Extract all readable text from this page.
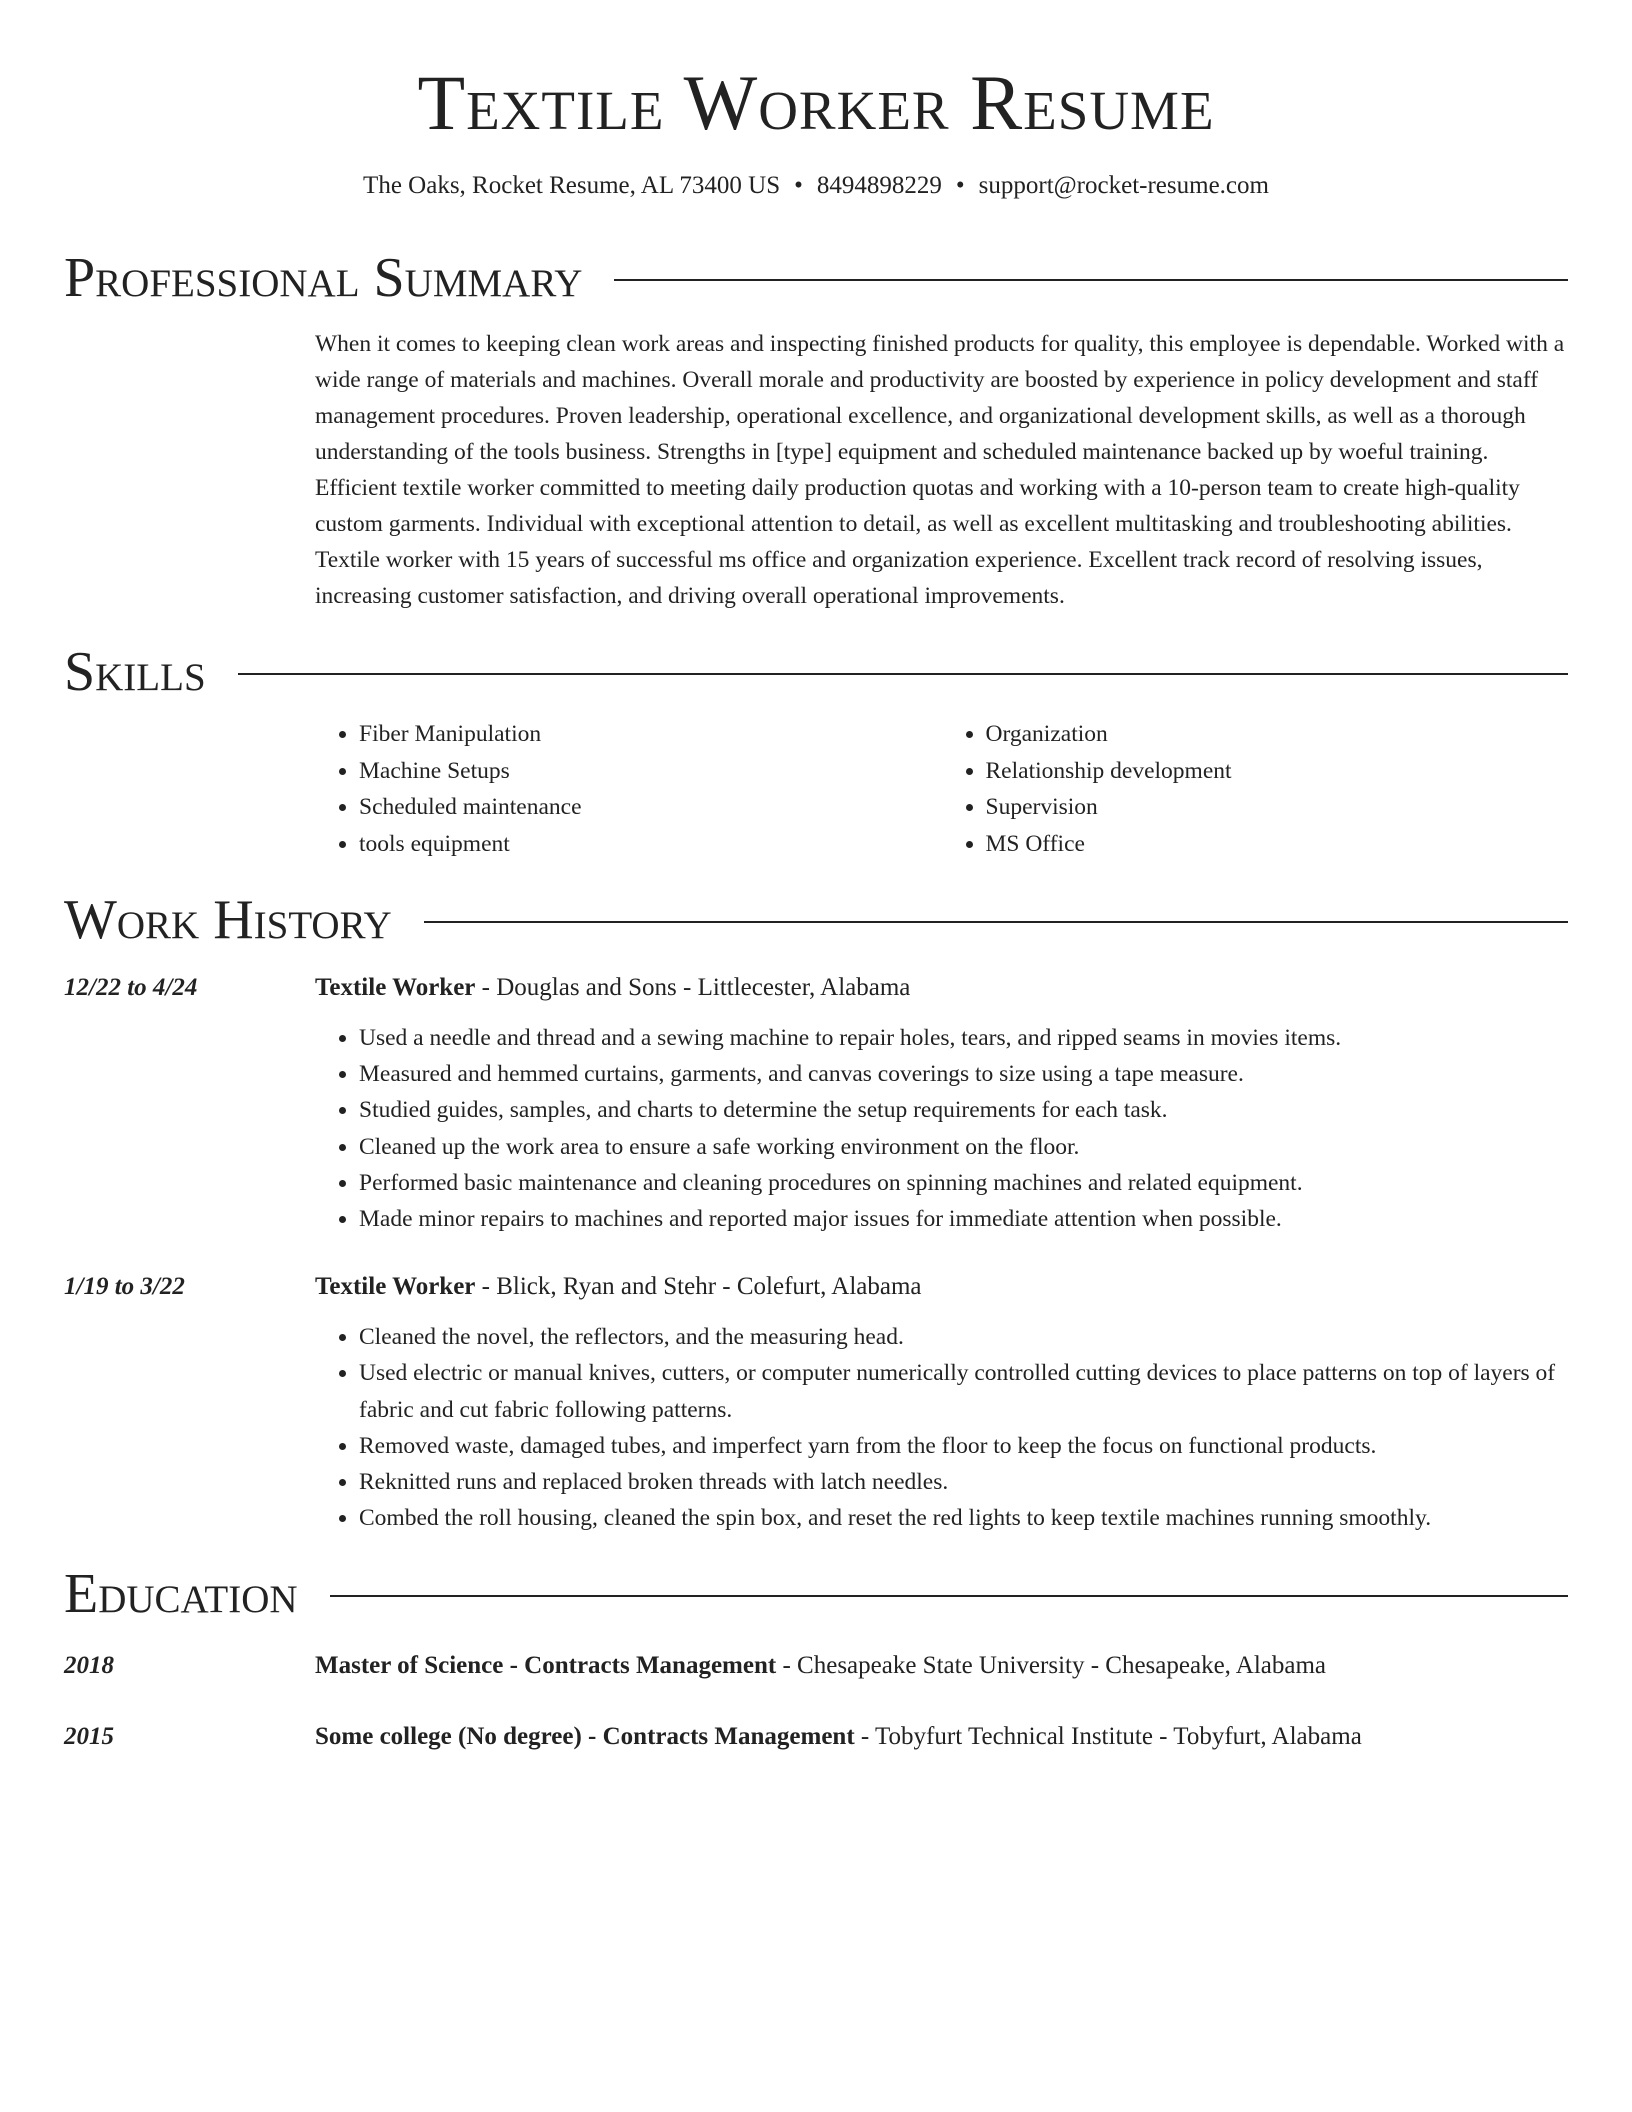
Textile Worker Resume
The Oaks, Rocket Resume, AL 73400 US • 8494898229 • support@rocket-resume.com
Professional Summary

When it comes to keeping clean work areas and inspecting finished products for quality, this employee is dependable. Worked with a wide range of materials and machines. Overall morale and productivity are boosted by experience in policy development and staff management procedures. Proven leadership, operational excellence, and organizational development skills, as well as a thorough understanding of the tools business. Strengths in [type] equipment and scheduled maintenance backed up by woeful training. Efficient textile worker committed to meeting daily production quotas and working with a 10-person team to create high-quality custom garments. Individual with exceptional attention to detail, as well as excellent multitasking and troubleshooting abilities. Textile worker with 15 years of successful ms office and organization experience. Excellent track record of resolving issues, increasing customer satisfaction, and driving overall operational improvements.

Skills
• Fiber Manipulation
• Machine Setups
• Scheduled maintenance
• tools equipment
• Organization
• Relationship development
• Supervision
• MS Office
Work History
12/22 to 4/24	Textile Worker - Douglas and Sons - Littlecester, Alabama
• Used a needle and thread and a sewing machine to repair holes, tears, and ripped seams in movies items.
• Measured and hemmed curtains, garments, and canvas coverings to size using a tape measure.
• Studied guides, samples, and charts to determine the setup requirements for each task.
• Cleaned up the work area to ensure a safe working environment on the floor.
• Performed basic maintenance and cleaning procedures on spinning machines and related equipment.
• Made minor repairs to machines and reported major issues for immediate attention when possible.
1/19 to 3/22	Textile Worker - Blick, Ryan and Stehr - Colefurt, Alabama
• Cleaned the novel, the reflectors, and the measuring head.
• Used electric or manual knives, cutters, or computer numerically controlled cutting devices to place patterns on top of layers of fabric and cut fabric following patterns.
• Removed waste, damaged tubes, and imperfect yarn from the floor to keep the focus on functional products.
• Reknitted runs and replaced broken threads with latch needles.
• Combed the roll housing, cleaned the spin box, and reset the red lights to keep textile machines running smoothly.
Education
2018	Master of Science - Contracts Management - Chesapeake State University - Chesapeake, Alabama
2015	Some college (No degree) - Contracts Management - Tobyfurt Technical Institute - Tobyfurt, Alabama
